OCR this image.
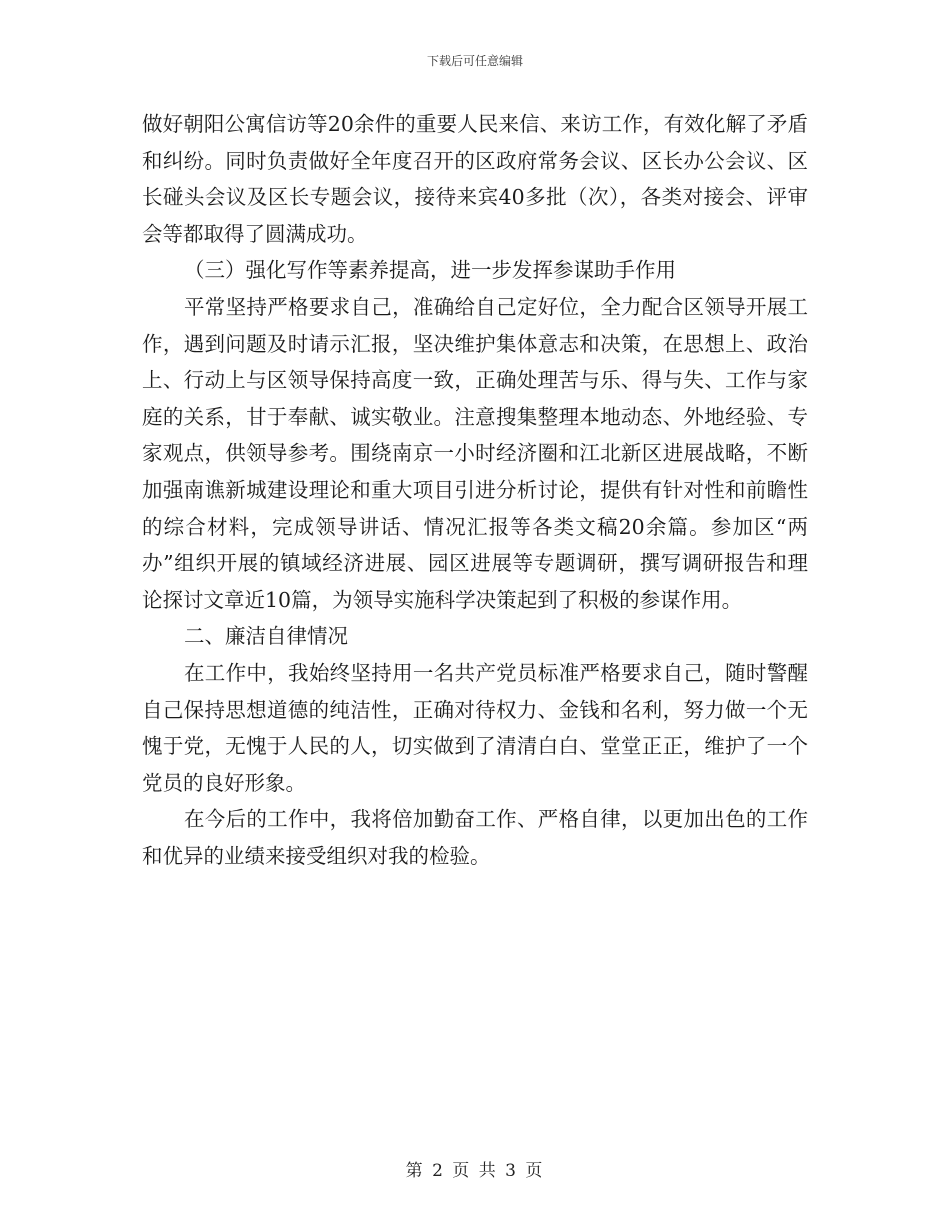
下载后可任意编辑

做好朝阳公寓信访等20余件的重要人民来信、来访工作，有效化解了矛盾和纠纷。同时负责做好全年度召开的区政府常务会议、区长办公会议、区长碰头会议及区长专题会议，接待来宾40多批（次），各类对接会、评审会等都取得了圆满成功。

（三）强化写作等素养提高，进一步发挥参谋助手作用

平常坚持严格要求自己，准确给自己定好位，全力配合区领导开展工作，遇到问题及时请示汇报，坚决维护集体意志和决策，在思想上、政治上、行动上与区领导保持高度一致，正确处理苦与乐、得与失、工作与家庭的关系，甘于奉献、诚实敬业。注意搜集整理本地动态、外地经验、专家观点，供领导参考。围绕南京一小时经济圈和江北新区进展战略，不断加强南谯新城建设理论和重大项目引进分析讨论，提供有针对性和前瞻性的综合材料，完成领导讲话、情况汇报等各类文稿20余篇。参加区“两办”组织开展的镇域经济进展、园区进展等专题调研，撰写调研报告和理论探讨文章近10篇，为领导实施科学决策起到了积极的参谋作用。

二、廉洁自律情况

在工作中，我始终坚持用一名共产党员标准严格要求自己，随时警醒自己保持思想道德的纯洁性，正确对待权力、金钱和名利，努力做一个无愧于党，无愧于人民的人，切实做到了清清白白、堂堂正正，维护了一个党员的良好形象。

在今后的工作中，我将倍加勤奋工作、严格自律，以更加出色的工作和优异的业绩来接受组织对我的检验。

第 2 页 共 3 页
